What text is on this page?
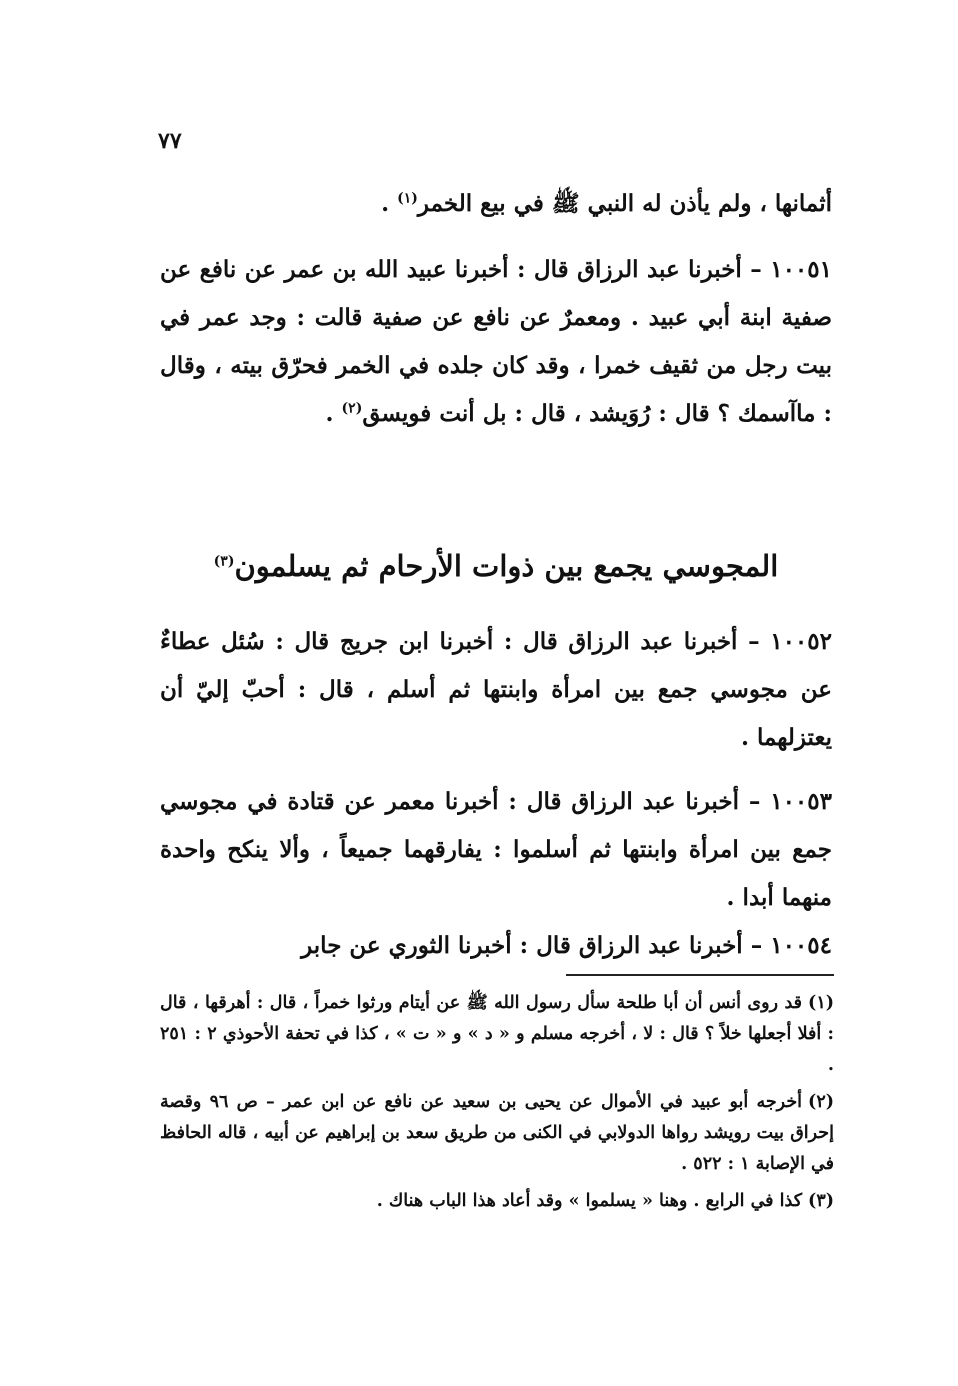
٧٧
أثمانها ، ولم يأذن له النبي ﷺ في بيع الخمر$^{(١)}$ .
١٠٠٥١ – أخبرنا عبد الرزاق قال : أخبرنا عبيد الله بن عمر عن نافع عن صفية ابنة أبي عبيد . ومعمرٌ عن نافع عن صفية قالت : وجد عمر في بيت رجل من ثقيف خمرا ، وقد كان جلده في الخمر فحرّق بيته ، وقال : ماآسمك ؟ قال : رُوَيشد ، قال : بل أنت فويسق$^{(٢)}$ .
المجوسي يجمع بين ذوات الأرحام ثم يسلمون$^{(٣)}$
١٠٠٥٢ – أخبرنا عبد الرزاق قال : أخبرنا ابن جريج قال : سُئل عطاءٌ عن مجوسي جمع بين امرأة وابنتها ثم أسلم ، قال : أحبّ إليّ أن يعتزلهما .
١٠٠٥٣ – أخبرنا عبد الرزاق قال : أخبرنا معمر عن قتادة في مجوسي جمع بين امرأة وابنتها ثم أسلموا : يفارقهما جميعاً ، وألا ينكح واحدة منهما أبدا .
١٠٠٥٤ – أخبرنا عبد الرزاق قال : أخبرنا الثوري عن جابر

(١)قد روى أنس أن أبا طلحة سأل رسول الله ﷺ عن أيتام ورثوا خمراً ، قال : أهرقها ، قال : أفلا أجعلها خلاً ؟ قال : لا ، أخرجه مسلم و « د » و « ت » ، كذا في تحفة الأحوذي ٢ : ٢٥١ .

(٢)أخرجه أبو عبيد في الأموال عن يحيى بن سعيد عن نافع عن ابن عمر – ص ٩٦ وقصة إحراق بيت رويشد رواها الدولابي في الكنى من طريق سعد بن إبراهيم عن أبيه ، قاله الحافظ في الإصابة ١ : ٥٢٢ .

(٣)كذا في الرابع . وهنا « يسلموا » وقد أعاد هذا الباب هناك .
